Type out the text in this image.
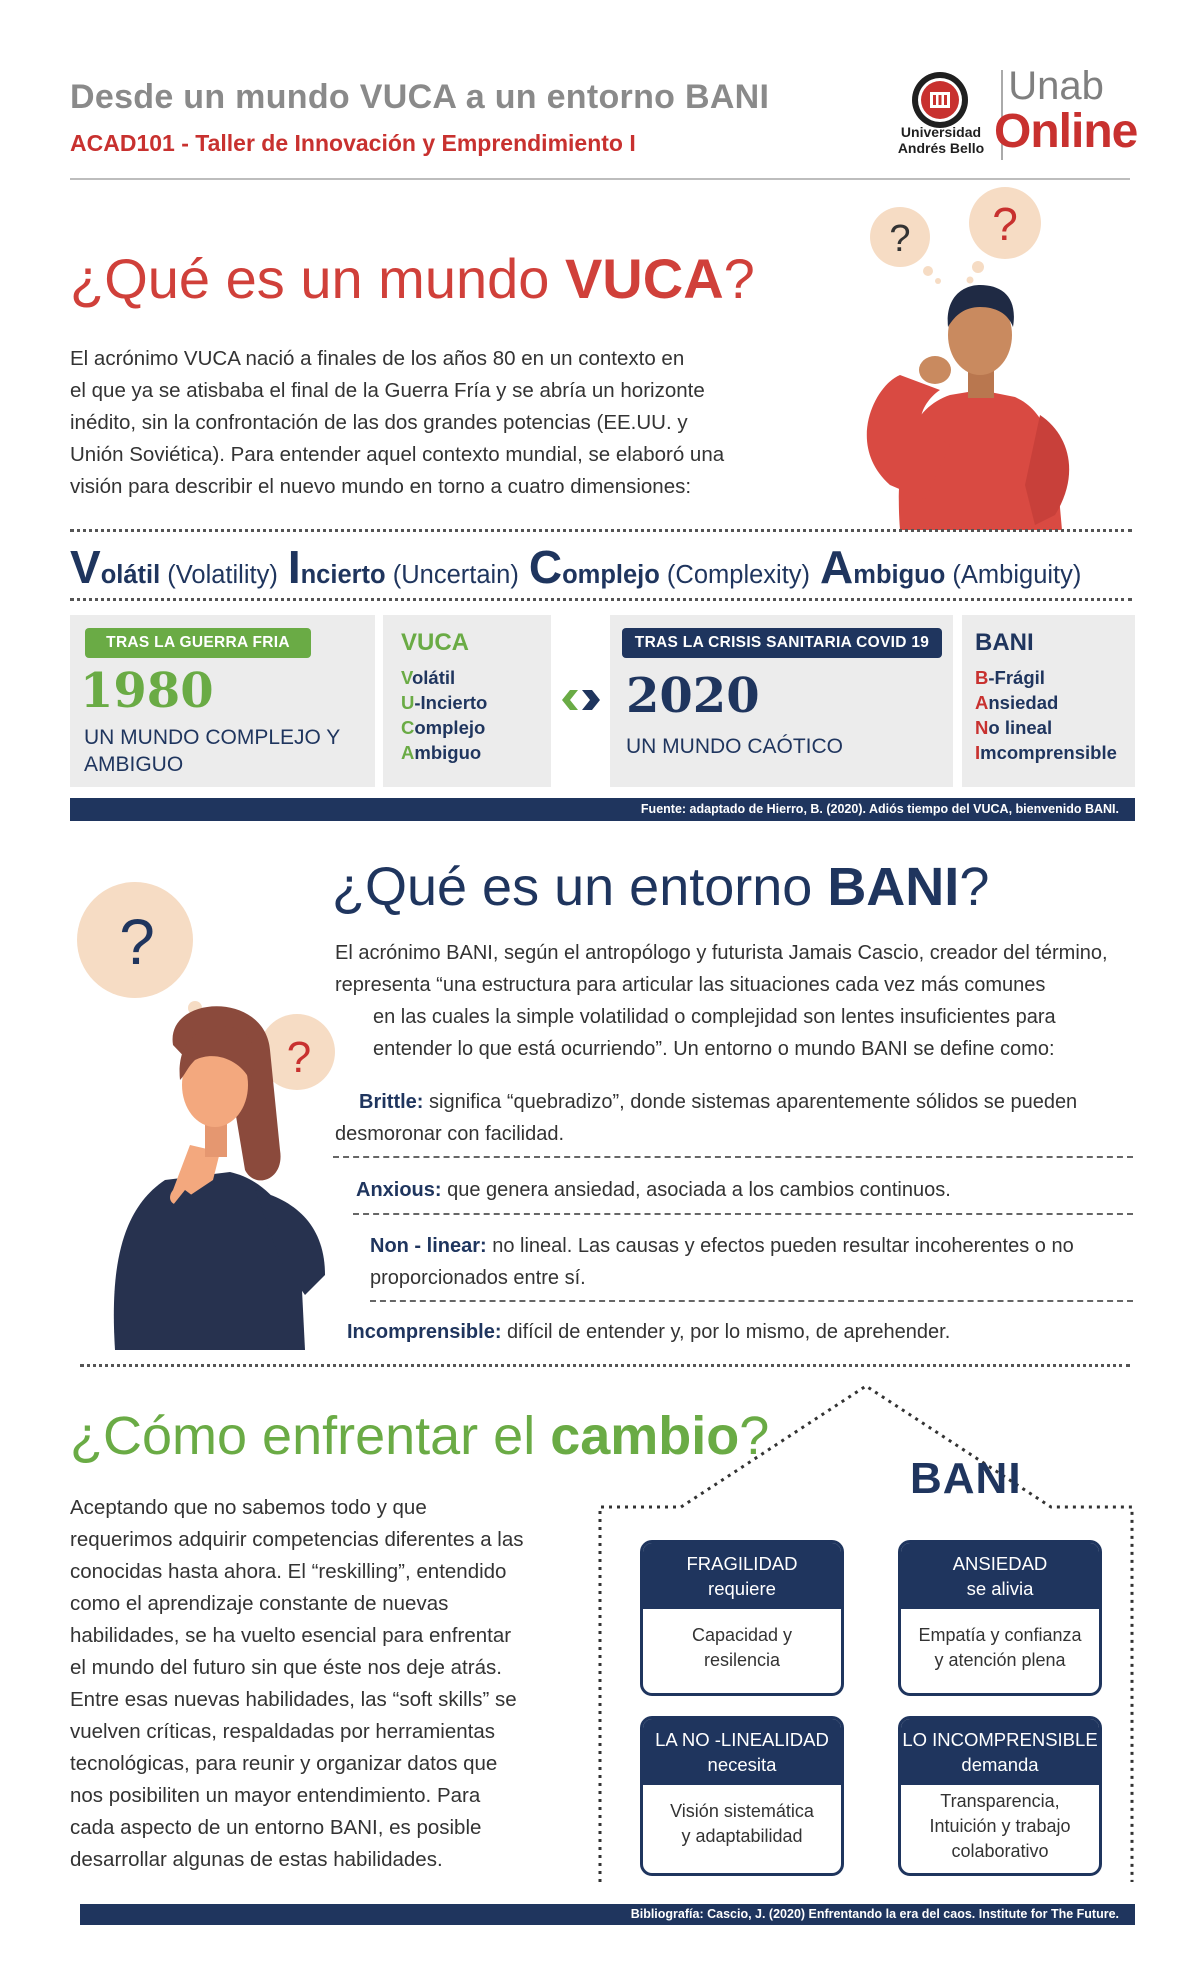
Desde un mundo VUCA a un entorno BANI
ACAD101 - Taller de Innovación y Emprendimiento I	Universidad
Andrés Bello
Unab
Online
¿Qué es un mundo VUCA?
El acrónimo VUCA nació a finales de los años 80 en un contexto en
el que ya se atisbaba el final de la Guerra Fría y se abría un horizonte
inédito, sin la confrontación de las dos grandes potencias (EE.UU. y
Unión Soviética). Para entender aquel contexto mundial, se elaboró una
visión para describir el nuevo mundo en torno a cuatro dimensiones:
? ?
Volátil (Volatility) Incierto (Uncertain) Complejo (Complexity) Ambiguo (Ambiguity)
TRAS LA GUERRA FRIA
1980
UN MUNDO COMPLEJO Y AMBIGUO
VUCA
Volátil
U-Incierto
Complejo
Ambiguo
TRAS LA CRISIS SANITARIA COVID 19
2020
UN MUNDO CAÓTICO
BANI
B-Frágil
Ansiedad
No lineal
Imcomprensible
Fuente: adaptado de Hierro, B. (2020). Adiós tiempo del VUCA, bienvenido BANI.
?
?
¿Qué es un entorno BANI?
El acrónimo BANI, según el antropólogo y futurista Jamais Cascio, creador del término,
representa “una estructura para articular las situaciones cada vez más comunes
en las cuales la simple volatilidad o complejidad son lentes insuficientes para
entender lo que está ocurriendo”. Un entorno o mundo BANI se define como:
Brittle: significa “quebradizo”, donde sistemas aparentemente sólidos se pueden
desmoronar con facilidad.
Anxious: que genera ansiedad, asociada a los cambios continuos.
Non - linear: no lineal. Las causas y efectos pueden resultar incoherentes o no
proporcionados entre sí.
Incomprensible: difícil de entender y, por lo mismo, de aprehender.
¿Cómo enfrentar el cambio?
Aceptando que no sabemos todo y que
requerimos adquirir competencias diferentes a las
conocidas hasta ahora. El “reskilling”, entendido
como el aprendizaje constante de nuevas
habilidades, se ha vuelto esencial para enfrentar
el mundo del futuro sin que éste nos deje atrás.
Entre esas nuevas habilidades, las “soft skills” se
vuelven críticas, respaldadas por herramientas
tecnológicas, para reunir y organizar datos que
nos posibiliten un mayor entendimiento. Para
cada aspecto de un entorno BANI, es posible
desarrollar algunas de estas habilidades.
BANI
FRAGILIDAD
requiere
Capacidad y
resilencia
ANSIEDAD
se alivia
Empatía y confianza
y atención plena
LA NO -LINEALIDAD
necesita
Visión sistemática
y adaptabilidad
LO INCOMPRENSIBLE
demanda
Transparencia,
Intuición y trabajo
colaborativo
Bibliografía: Cascio, J. (2020) Enfrentando la era del caos. Institute for The Future.
